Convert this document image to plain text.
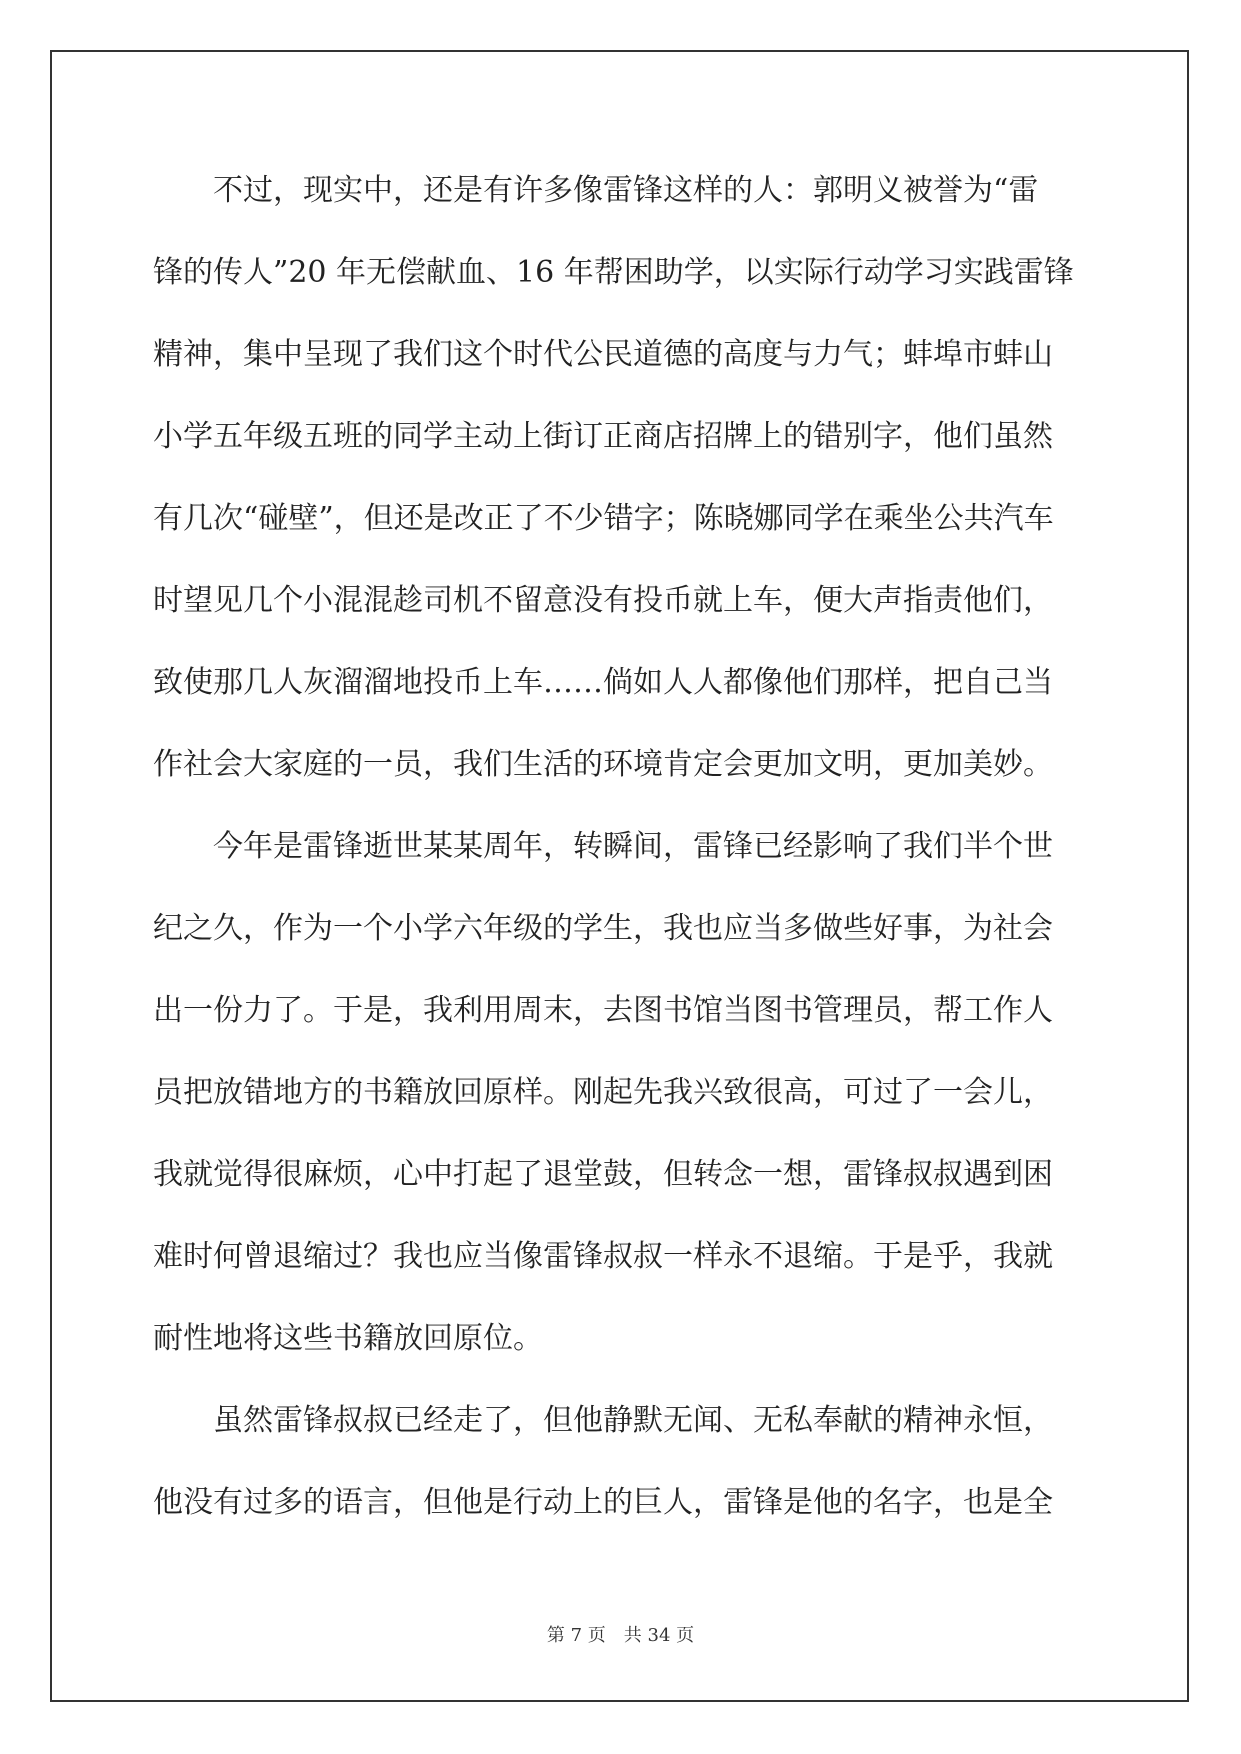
　　不过，现实中，还是有许多像雷锋这样的人：郭明义被誉为“雷
锋的传人”20 年无偿献血、16 年帮困助学，以实际行动学习实践雷锋
精神，集中呈现了我们这个时代公民道德的高度与力气；蚌埠市蚌山
小学五年级五班的同学主动上街订正商店招牌上的错别字，他们虽然
有几次“碰壁”，但还是改正了不少错字；陈晓娜同学在乘坐公共汽车
时望见几个小混混趁司机不留意没有投币就上车，便大声指责他们，
致使那几人灰溜溜地投币上车……倘如人人都像他们那样，把自己当
作社会大家庭的一员，我们生活的环境肯定会更加文明，更加美妙。
　　今年是雷锋逝世某某周年，转瞬间，雷锋已经影响了我们半个世
纪之久，作为一个小学六年级的学生，我也应当多做些好事，为社会
出一份力了。于是，我利用周末，去图书馆当图书管理员，帮工作人
员把放错地方的书籍放回原样。刚起先我兴致很高，可过了一会儿，
我就觉得很麻烦，心中打起了退堂鼓，但转念一想，雷锋叔叔遇到困
难时何曾退缩过？我也应当像雷锋叔叔一样永不退缩。于是乎，我就
耐性地将这些书籍放回原位。
　　虽然雷锋叔叔已经走了，但他静默无闻、无私奉献的精神永恒，
他没有过多的语言，但他是行动上的巨人，雷锋是他的名字，也是全
第 7 页　共 34 页
